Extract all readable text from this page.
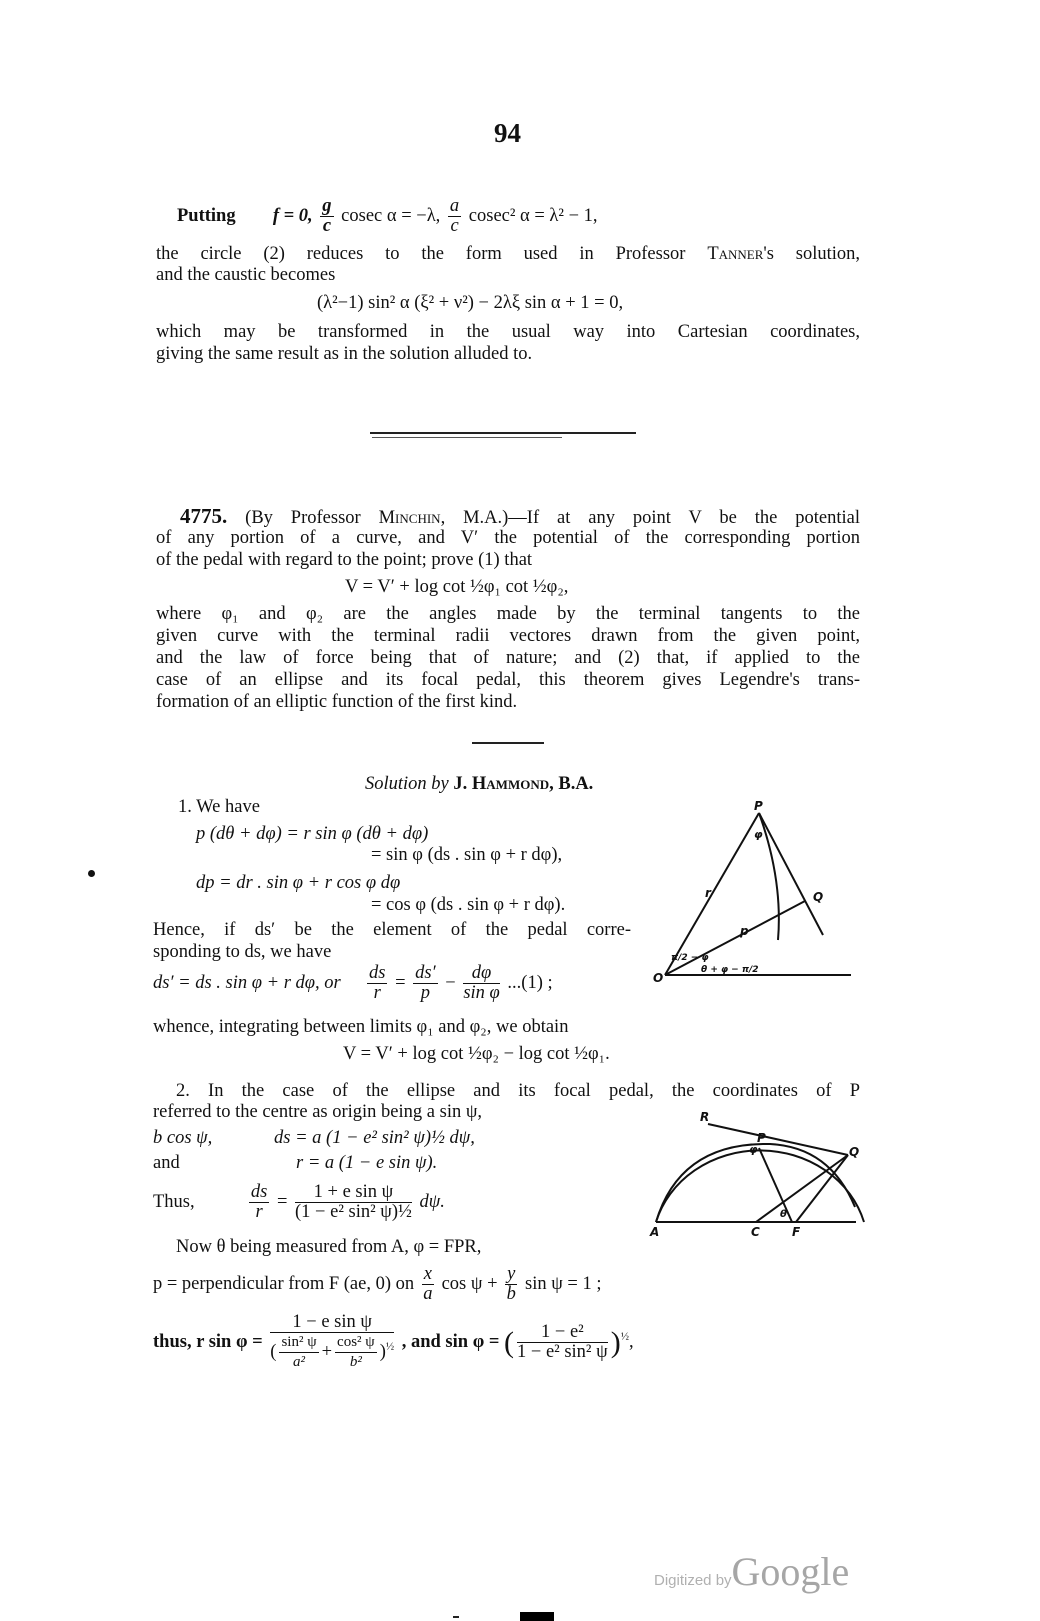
94
Putting f = 0, $\frac{g}{c}$ cosec α = −λ, $\frac{a}{c} cosec^2$ α = λ² − 1,
the circle (2) reduces to the form used in Professor Tanner's solution,
and the caustic becomes
(λ²−1) sin² α (ξ² + ν²) − 2λξ sin α + 1 = 0,
which may be transformed in the usual way into Cartesian coordinates,
giving the same result as in the solution alluded to.
4775. (By Professor Minchin, M.A.)—If at any point V be the potential
of any portion of a curve, and V′ the potential of the corresponding portion
of the pedal with regard to the point; prove (1) that
V = V′ + log cot ½φ₁ cot ½φ₂,
where φ₁ and φ₂ are the angles made by the terminal tangents to the
given curve with the terminal radii vectores drawn from the given point,
and the law of force being that of nature; and (2) that, if applied to the
case of an ellipse and its focal pedal, this theorem gives Legendre's trans-
formation of an elliptic function of the first kind.
Solution by J. Hammond, B.A.
1. We have
p (dθ + dφ) = r sin φ (dθ + dφ)
= sin φ (ds . sin φ + r dφ),
dp = dr . sin φ + r cos φ dφ
= cos φ (ds . sin φ + r dφ).
Hence, if ds′ be the element of the pedal corre-
sponding to ds, we have
ds′ = ds . sin φ + r dφ, or $\frac{ds}{r} = \frac{ds'}{p} - \frac{d\varphi}{\text{sin φ}} ...(1)$ ;
whence, integrating between limits φ₁ and φ₂, we obtain
V = V′ + log cot ½φ₂ − log cot ½φ₁.
2. In the case of the ellipse and its focal pedal, the coordinates of P
referred to the centre as origin being a sin ψ,
b cos ψ,	ds = a (1 − e² sin² ψ)½ dψ,
and	r = a (1 − e sin ψ).
Thus,	$\frac{ds}{r} = \frac{\text{1 + e sin ψ}}{\text{(1 − e² sin² ψ)½}} d\psi$.
Now θ being measured from A, φ = FPR,
p = perpendicular from F (ae, 0) on $\frac{x}{a}$ $\cos \psi + \frac{y}{b}$ sin ψ = 1 ;
thus, r $\sin \varphi = \frac{\text{1 − e sin ψ}}{( \frac{\text{sin² ψ}}{\text{a²}} + \frac{\text{cos² ψ}}{\text{b²}} )^{\frac{1}{2}}}$ , and sin φ = ( $\frac{\text{1 − e²}}{\text{1 − e² sin² ψ}} )^{\frac{1}{2}}$,
P
Q
O
r
p
φ
π/2 − φ
θ + φ − π/2
R
P
Q
φ
θ
A	C	F
Digitized byGoogle
